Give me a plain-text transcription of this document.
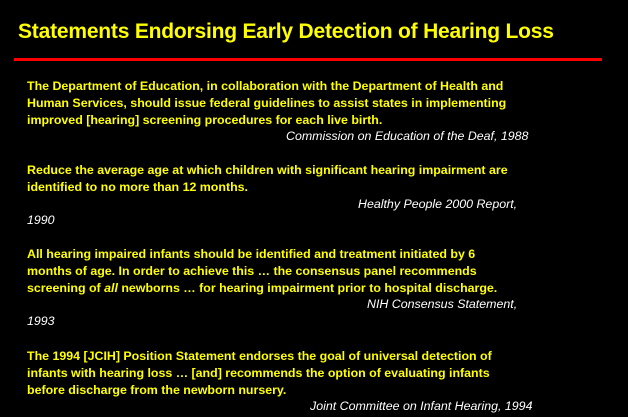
Statements Endorsing Early Detection of Hearing Loss
The Department of Education, in collaboration with the Department of Health and
Human Services, should issue federal guidelines to assist states in implementing
improved [hearing] screening procedures for each live birth.
Commission on Education of the Deaf, 1988
Reduce the average age at which children with significant hearing impairment are
identified to no more than 12 months.
Healthy People 2000 Report,
1990
All hearing impaired infants should be identified and treatment initiated by 6
months of age. In order to achieve this … the consensus panel recommends
screening of all newborns … for hearing impairment prior to hospital discharge.
NIH Consensus Statement,
1993
The 1994 [JCIH] Position Statement endorses the goal of universal detection of
infants with hearing loss … [and] recommends the option of evaluating infants
before discharge from the newborn nursery.
Joint Committee on Infant Hearing, 1994
